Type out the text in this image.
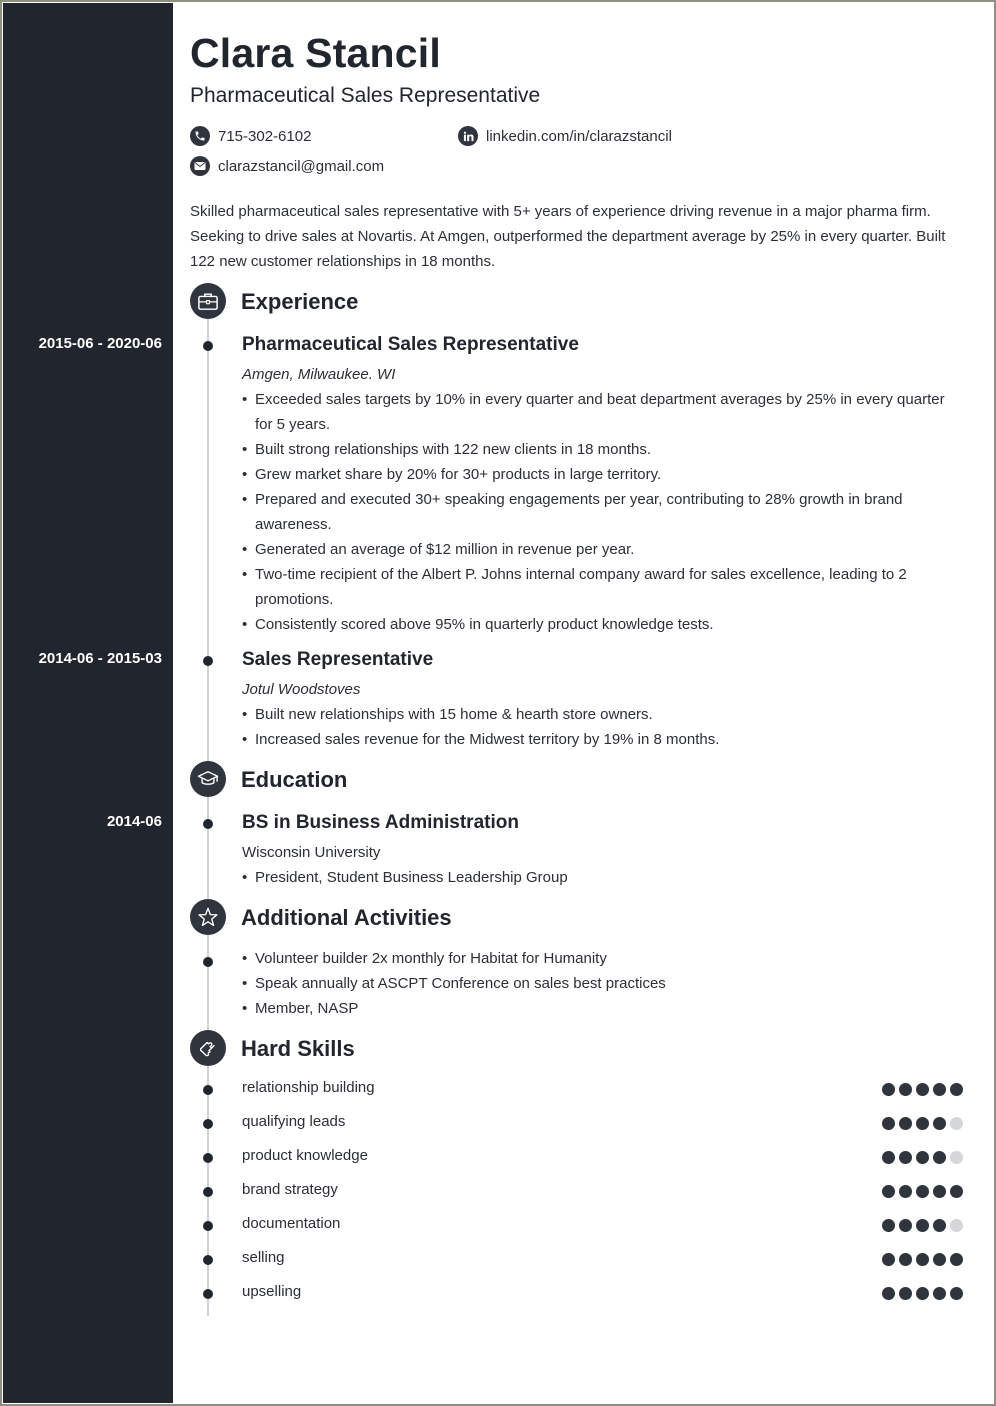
Clara Stancil
Pharmaceutical Sales Representative
715-302-6102	linkedin.com/in/clarazstancil
clarazstancil@gmail.com
Skilled pharmaceutical sales representative with 5+ years of experience driving revenue in a major pharma firm. Seeking to drive sales at Novartis. At Amgen, outperformed the department average by 25% in every quarter. Built 122 new customer relationships in 18 months.
Experience
2015-06 - 2020-06	Pharmaceutical Sales Representative
Amgen, Milwaukee. WI
• Exceeded sales targets by 10% in every quarter and beat department averages by 25% in every quarter for 5 years.
• Built strong relationships with 122 new clients in 18 months.
• Grew market share by 20% for 30+ products in large territory.
• Prepared and executed 30+ speaking engagements per year, contributing to 28% growth in brand awareness.
• Generated an average of $12 million in revenue per year.
• Two-time recipient of the Albert P. Johns internal company award for sales excellence, leading to 2 promotions.
• Consistently scored above 95% in quarterly product knowledge tests.
2014-06 - 2015-03	Sales Representative
Jotul Woodstoves
• Built new relationships with 15 home & hearth store owners.
• Increased sales revenue for the Midwest territory by 19% in 8 months.
Education
2014-06	BS in Business Administration
Wisconsin University
• President, Student Business Leadership Group
Additional Activities
• Volunteer builder 2x monthly for Habitat for Humanity
• Speak annually at ASCPT Conference on sales best practices
• Member, NASP
Hard Skills
relationship building
qualifying leads
product knowledge
brand strategy
documentation
selling
upselling
